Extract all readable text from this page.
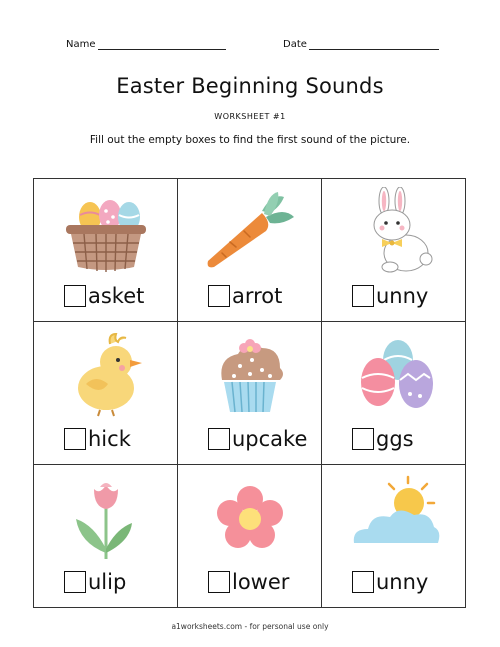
Name	Date
Easter Beginning Sounds
WORKSHEET #1
Fill out the empty boxes to find the first sound of the picture.
asket	arrot	unny
hick	upcake	ggs
ulip	lower	unny
a1worksheets.com - for personal use only
